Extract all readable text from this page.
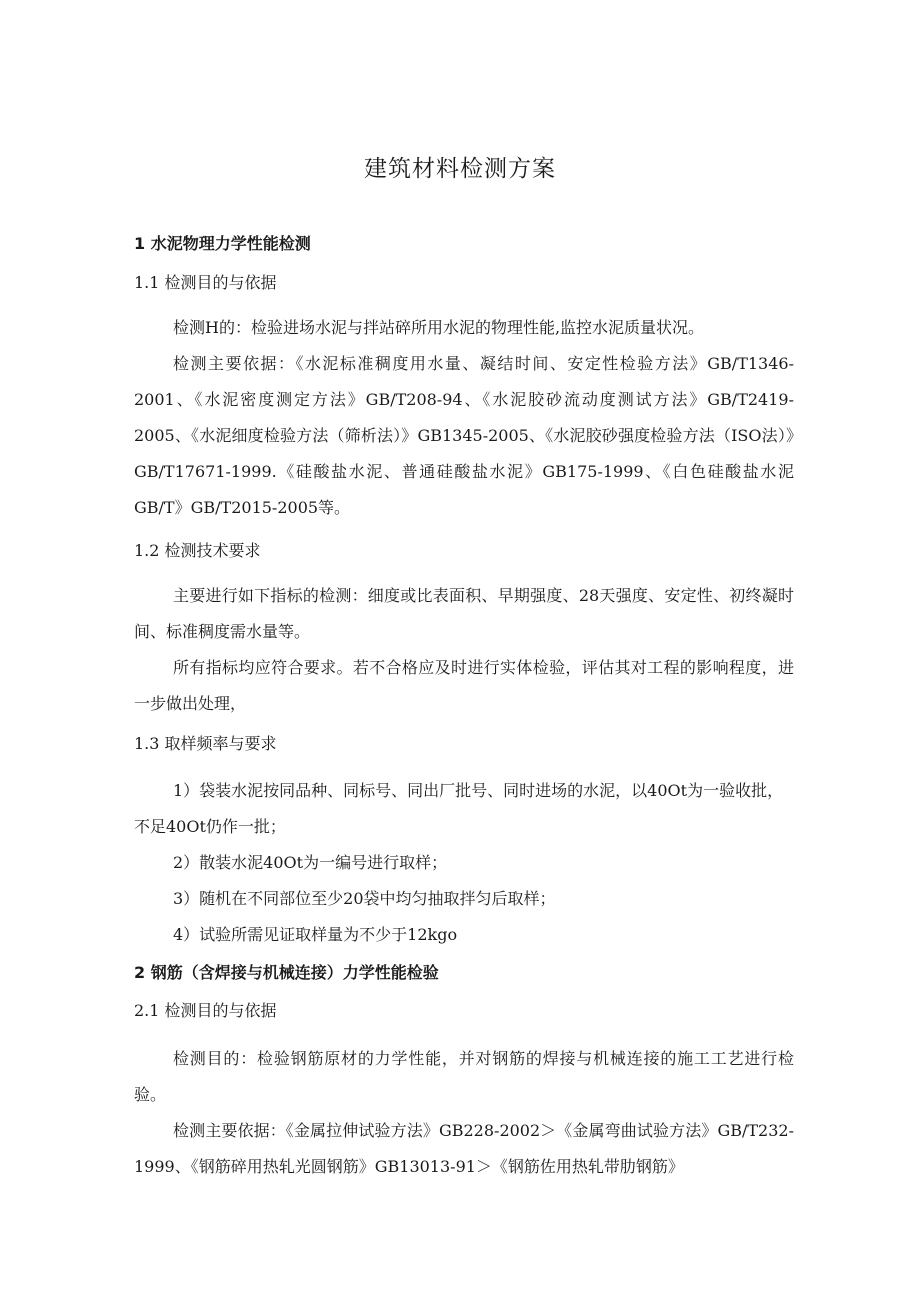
建筑材料检测方案
1 水泥物理力学性能检测
1.1 检测目的与依据

检测H的：检验进场水泥与拌站碎所用水泥的物理性能,监控水泥质量状况。

检测主要依据：《水泥标准稠度用水量、凝结时间、安定性检验方法》GB/T1346-2001、《水泥密度测定方法》GB/T208-94、《水泥胶砂流动度测试方法》GB/T2419-2005、《水泥细度检验方法（筛析法）》GB1345-2005、《水泥胶砂强度检验方法（ISO法）》GB/T17671-1999.《硅酸盐水泥、普通硅酸盐水泥》GB175-1999、《白色硅酸盐水泥GB/T》GB/T2015-2005等。

1.2 检测技术要求

主要进行如下指标的检测：细度或比表面积、早期强度、28天强度、安定性、初终凝时间、标准稠度需水量等。

所有指标均应符合要求。若不合格应及时进行实体检验，评估其对工程的影响程度，进一步做出处理，

1.3 取样频率与要求

1）袋装水泥按同品种、同标号、同出厂批号、同时进场的水泥，以40Ot为一验收批，不足40Ot仍作一批；

2）散装水泥40Ot为一编号进行取样；

3）随机在不同部位至少20袋中均匀抽取拌匀后取样；

4）试验所需见证取样量为不少于12kgo

2 钢筋（含焊接与机械连接）力学性能检验
2.1 检测目的与依据

检测目的：检验钢筋原材的力学性能，并对钢筋的焊接与机械连接的施工工艺进行检验。

检测主要依据：《金属拉伸试验方法》GB228-2002＞《金属弯曲试验方法》GB/T232-1999、《钢筋碎用热轧光圆钢筋》GB13013-91＞《钢筋佐用热轧带肋钢筋》
